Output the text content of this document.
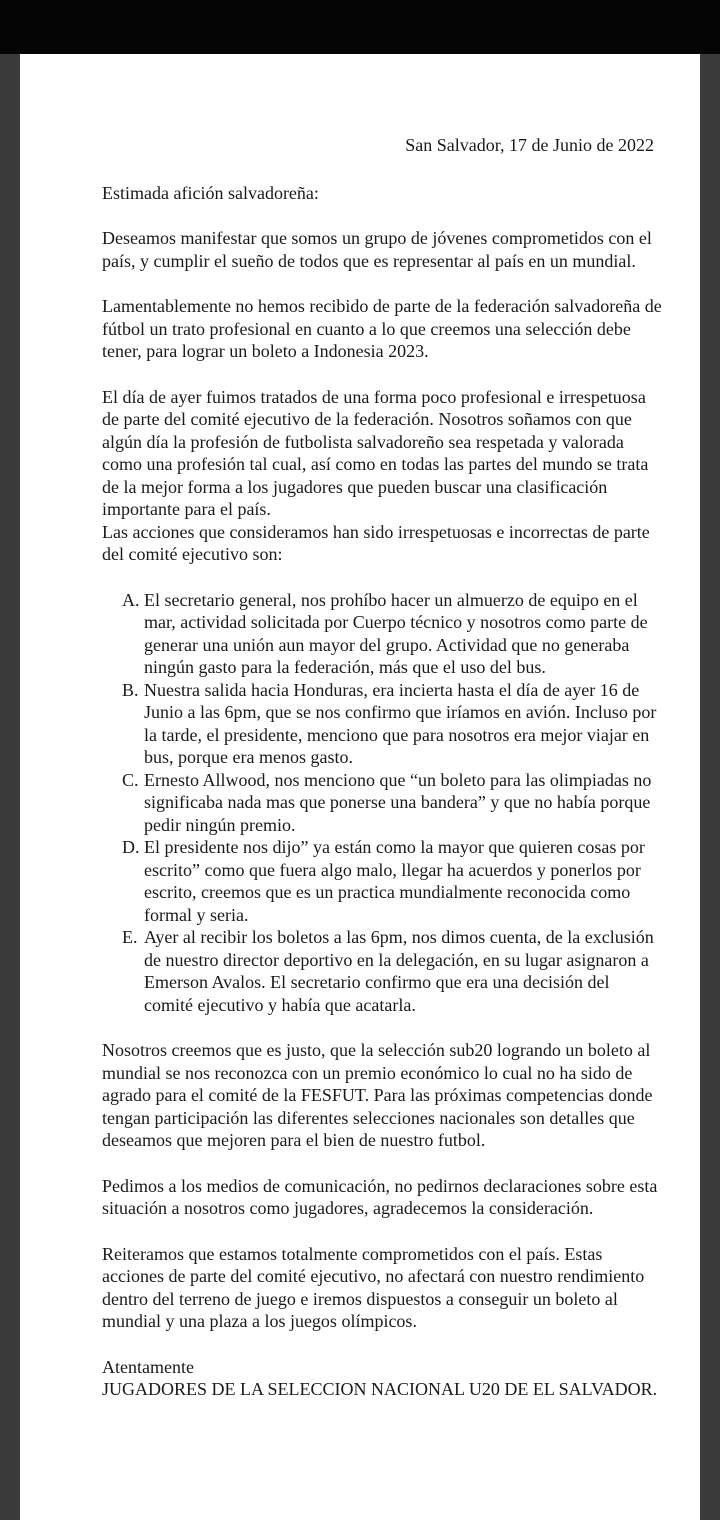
San Salvador, 17 de Junio de 2022

Estimada afición salvadoreña:

Deseamos manifestar que somos un grupo de jóvenes comprometidos con el país, y cumplir el sueño de todos que es representar al país en un mundial.

Lamentablemente no hemos recibido de parte de la federación salvadoreña de fútbol un trato profesional en cuanto a lo que creemos una selección debe tener, para lograr un boleto a Indonesia 2023.

El día de ayer fuimos tratados de una forma poco profesional e irrespetuosa de parte del comité ejecutivo de la federación. Nosotros soñamos con que algún día la profesión de futbolista salvadoreño sea respetada y valorada como una profesión tal cual, así como en todas las partes del mundo se trata de la mejor forma a los jugadores que pueden buscar una clasificación importante para el país.

Las acciones que consideramos han sido irrespetuosas e incorrectas de parte del comité ejecutivo son:

A. El secretario general, nos prohíbo hacer un almuerzo de equipo en el mar, actividad solicitada por Cuerpo técnico y nosotros como parte de generar una unión aun mayor del grupo. Actividad que no generaba ningún gasto para la federación, más que el uso del bus.
B. Nuestra salida hacia Honduras, era incierta hasta el día de ayer 16 de Junio a las 6pm, que se nos confirmo que iríamos en avión. Incluso por la tarde, el presidente, menciono que para nosotros era mejor viajar en bus, porque era menos gasto.
C. Ernesto Allwood, nos menciono que “un boleto para las olimpiadas no significaba nada mas que ponerse una bandera” y que no había porque pedir ningún premio.
D. El presidente nos dijo” ya están como la mayor que quieren cosas por escrito” como que fuera algo malo, llegar ha acuerdos y ponerlos por escrito, creemos que es un practica mundialmente reconocida como formal y seria.
E. Ayer al recibir los boletos a las 6pm, nos dimos cuenta, de la exclusión de nuestro director deportivo en la delegación, en su lugar asignaron a Emerson Avalos. El secretario confirmo que era una decisión del comité ejecutivo y había que acatarla.

Nosotros creemos que es justo, que la selección sub20 logrando un boleto al mundial se nos reconozca con un premio económico lo cual no ha sido de agrado para el comité de la FESFUT. Para las próximas competencias donde tengan participación las diferentes selecciones nacionales son detalles que deseamos que mejoren para el bien de nuestro futbol.

Pedimos a los medios de comunicación, no pedirnos declaraciones sobre esta situación a nosotros como jugadores, agradecemos la consideración.

Reiteramos que estamos totalmente comprometidos con el país. Estas acciones de parte del comité ejecutivo, no afectará con nuestro rendimiento dentro del terreno de juego e iremos dispuestos a conseguir un boleto al mundial y una plaza a los juegos olímpicos.

Atentamente

JUGADORES DE LA SELECCION NACIONAL U20 DE EL SALVADOR.
